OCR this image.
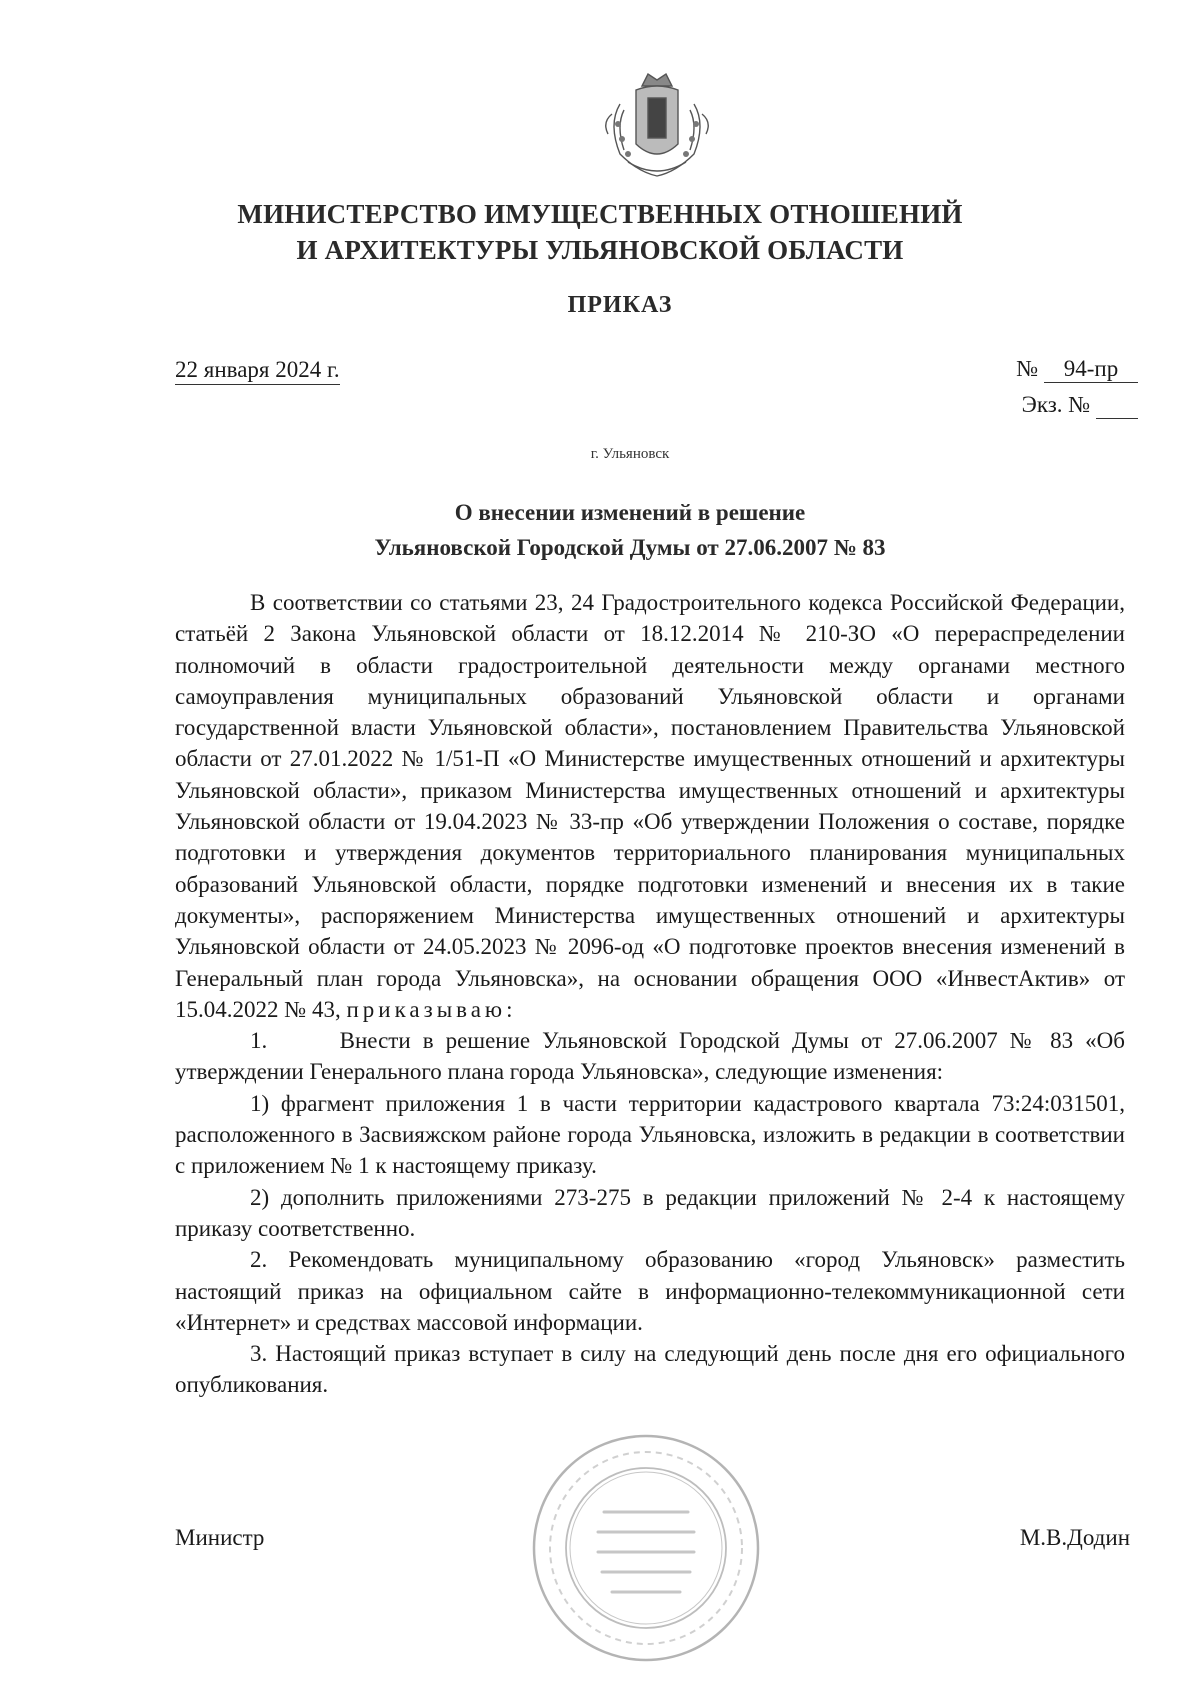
МИНИСТЕРСТВО ИМУЩЕСТВЕННЫХ ОТНОШЕНИЙ
И АРХИТЕКТУРЫ УЛЬЯНОВСКОЙ ОБЛАСТИ
ПРИКАЗ
22 января 2024 г.	№ 94-пр
Экз. №
г. Ульяновск
О внесении изменений в решение
Ульяновской Городской Думы от 27.06.2007 № 83

В соответствии со статьями 23, 24 Градостроительного кодекса Российской Федерации, статьёй 2 Закона Ульяновской области от 18.12.2014 № 210-ЗО «О перераспределении полномочий в области градостроительной деятельности между органами местного самоуправления муниципальных образований Ульяновской области и органами государственной власти Ульяновской области», постановлением Правительства Ульяновской области от 27.01.2022 № 1/51-П «О Министерстве имущественных отношений и архитектуры Ульяновской области», приказом Министерства имущественных отношений и архитектуры Ульяновской области от 19.04.2023 № 33-пр «Об утверждении Положения о составе, порядке подготовки и утверждения документов территориального планирования муниципальных образований Ульяновской области, порядке подготовки изменений и внесения их в такие документы», распоряжением Министерства имущественных отношений и архитектуры Ульяновской области от 24.05.2023 № 2096-од «О подготовке проектов внесения изменений в Генеральный план города Ульяновска», на основании обращения ООО «ИнвестАктив» от 15.04.2022 № 43, приказываю:

1.      Внести в решение Ульяновской Городской Думы от 27.06.2007 № 83 «Об утверждении Генерального плана города Ульяновска», следующие изменения:

1) фрагмент приложения 1 в части территории кадастрового квартала 73:24:031501, расположенного в Засвияжском районе города Ульяновска, изложить в редакции в соответствии с приложением № 1 к настоящему приказу.

2) дополнить приложениями 273-275 в редакции приложений № 2-4 к настоящему приказу соответственно.

2. Рекомендовать муниципальному образованию «город Ульяновск» разместить настоящий приказ на официальном сайте в информационно-телекоммуникационной сети «Интернет» и средствах массовой информации.

3. Настоящий приказ вступает в силу на следующий день после дня его официального опубликования.

Министр	М.В.Додин
